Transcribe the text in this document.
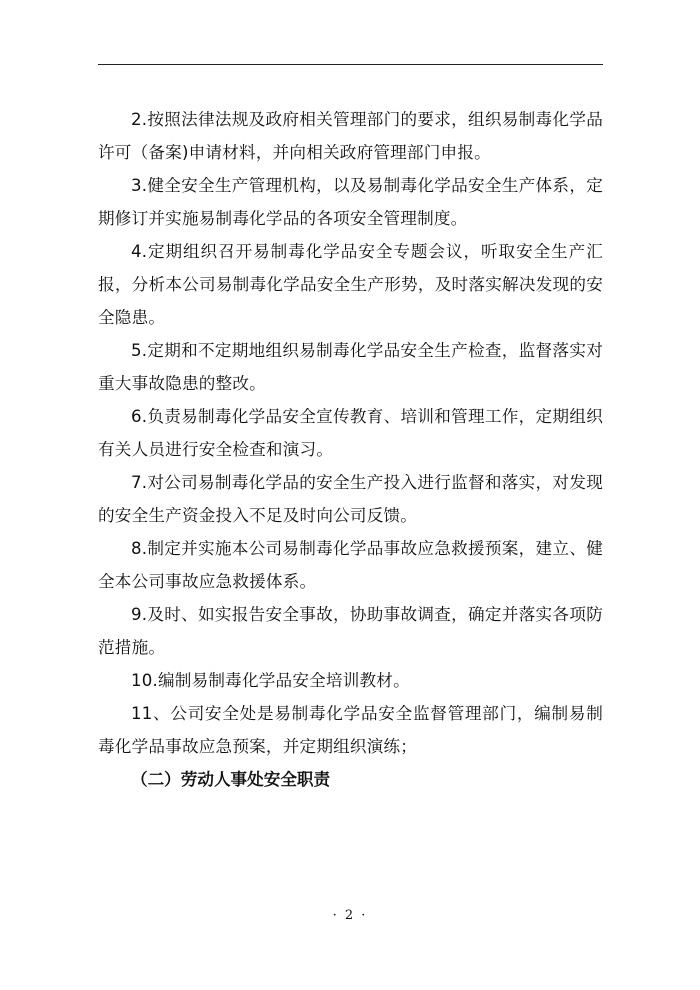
2.按照法律法规及政府相关管理部门的要求，组织易制毒化学品许可（备案)申请材料，并向相关政府管理部门申报。

3.健全安全生产管理机构，以及易制毒化学品安全生产体系，定期修订并实施易制毒化学品的各项安全管理制度。

4.定期组织召开易制毒化学品安全专题会议，听取安全生产汇报，分析本公司易制毒化学品安全生产形势，及时落实解决发现的安全隐患。

5.定期和不定期地组织易制毒化学品安全生产检查，监督落实对重大事故隐患的整改。

6.负责易制毒化学品安全宣传教育、培训和管理工作，定期组织有关人员进行安全检查和演习。

7.对公司易制毒化学品的安全生产投入进行监督和落实，对发现的安全生产资金投入不足及时向公司反馈。

8.制定并实施本公司易制毒化学品事故应急救援预案，建立、健全本公司事故应急救援体系。

9.及时、如实报告安全事故，协助事故调查，确定并落实各项防范措施。

10.编制易制毒化学品安全培训教材。

11、公司安全处是易制毒化学品安全监督管理部门，编制易制毒化学品事故应急预案，并定期组织演练；

（二）劳动人事处安全职责

· 2 ·
